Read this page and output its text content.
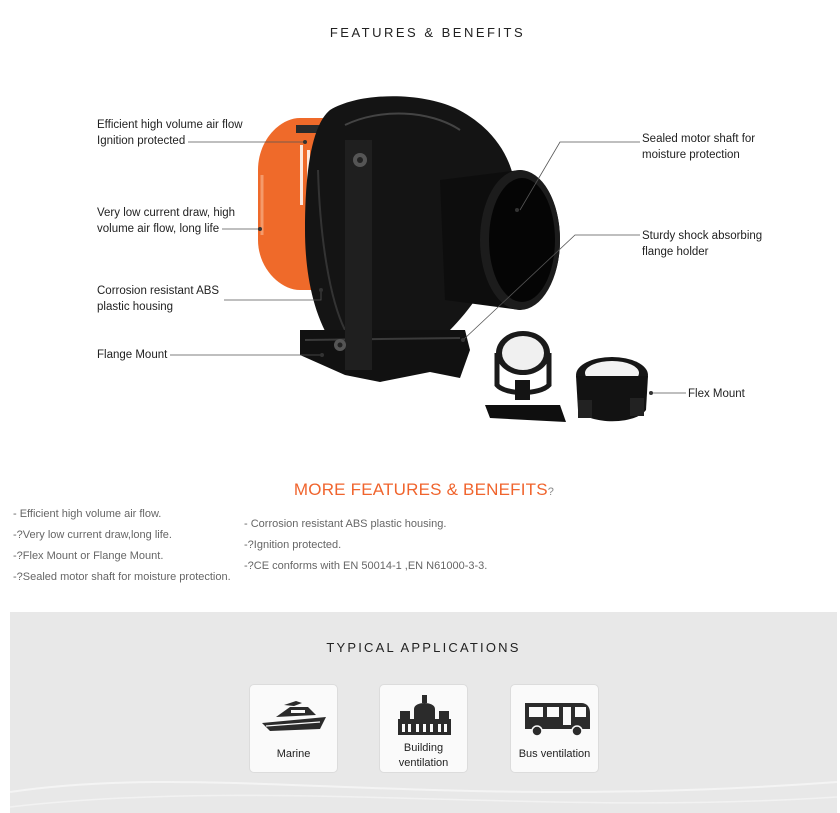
FEATURES & BENEFITS
Efficient high volume air flow
Ignition protected
Very low current draw, high
volume air flow, long life
Corrosion resistant ABS
plastic housing
Flange Mount
Sealed motor shaft for
moisture protection
Sturdy shock absorbing
flange holder
Flex Mount
MORE FEATURES & BENEFITS?
- Efficient high volume air flow.
-?Very low current draw,long life.
-?Flex Mount or Flange Mount.
-?Sealed motor shaft for moisture protection.
- Corrosion resistant ABS plastic housing.
-?Ignition protected.
-?CE conforms with EN 50014-1 ,EN N61000-3-3.
TYPICAL APPLICATIONS
Marine	Building
ventilation
Bus ventilation
